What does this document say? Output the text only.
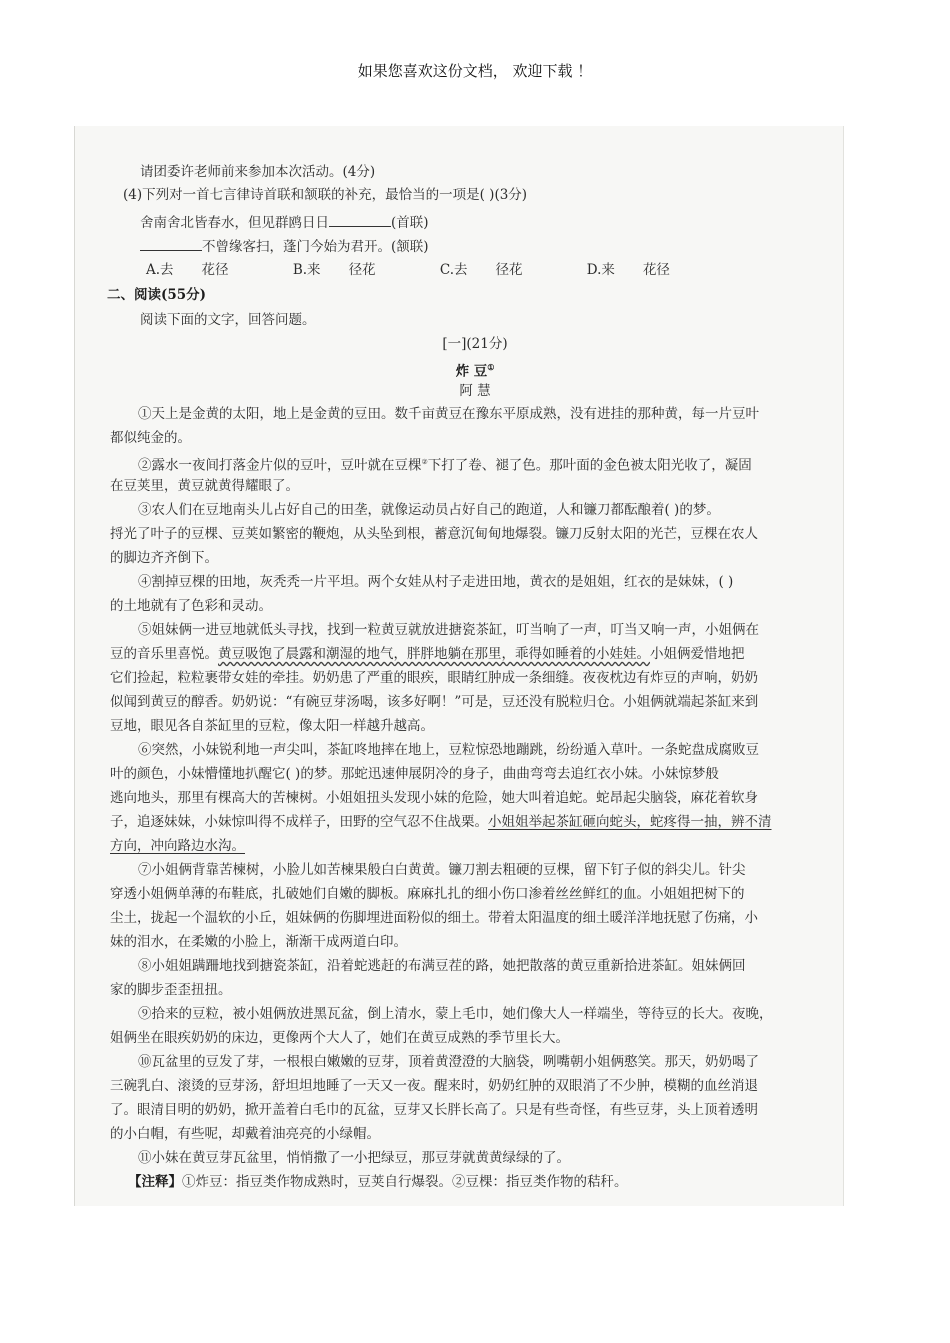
如果您喜欢这份文档， 欢迎下载 ！
请团委许老师前来参加本次活动。(4分)
(4)下列对一首七言律诗首联和颔联的补充，最恰当的一项是( )(3分)
舍南舍北皆春水，但见群鸥日日	(首联)
不曾缘客扫，蓬门今始为君开。(颔联)
A.去 花径	B.来 径花	C.去 径花	D.来 花径
二、阅读(55分)
阅读下面的文字，回答问题。
[一](21分)
炸 豆①
阿 慧
①天上是金黄的太阳，地上是金黄的豆田。数千亩黄豆在豫东平原成熟，没有进挂的那种黄，每一片豆叶
都似纯金的。
②露水一夜间打落金片似的豆叶，豆叶就在豆棵②下打了卷、褪了色。那叶面的金色被太阳光收了，凝固
在豆荚里，黄豆就黄得耀眼了。
③农人们在豆地南头儿占好自己的田垄，就像运动员占好自己的跑道，人和镰刀都酝酿着( )的梦。
捋光了叶子的豆棵、豆荚如繁密的鞭炮，从头坠到根，蓄意沉甸甸地爆裂。镰刀反射太阳的光芒，豆棵在农人
的脚边齐齐倒下。
④割掉豆棵的田地，灰秃秃一片平坦。两个女娃从村子走进田地，黄衣的是姐姐，红衣的是妹妹，( )
的土地就有了色彩和灵动。
⑤姐妹俩一进豆地就低头寻找，找到一粒黄豆就放进搪瓷茶缸，叮当响了一声，叮当又响一声，小姐俩在
豆的音乐里喜悦。黄豆吸饱了晨露和潮湿的地气，胖胖地躺在那里，乖得如睡着的小娃娃。小姐俩爱惜地把
它们捡起，粒粒裹带女娃的牵挂。奶奶患了严重的眼疾，眼睛红肿成一条细缝。夜夜枕边有炸豆的声响，奶奶
似闻到黄豆的醇香。奶奶说：“有碗豆芽汤喝，该多好啊！”可是，豆还没有脱粒归仓。小姐俩就端起茶缸来到
豆地，眼见各自茶缸里的豆粒，像太阳一样越升越高。
⑥突然，小妹锐利地一声尖叫，茶缸咚地摔在地上，豆粒惊恐地蹦跳，纷纷遁入草叶。一条蛇盘成腐败豆
叶的颜色，小妹懵懂地扒醒它( )的梦。那蛇迅速伸展阴冷的身子，曲曲弯弯去追红衣小妹。小妹惊梦般
逃向地头，那里有棵高大的苦楝树。小姐姐扭头发现小妹的危险，她大叫着追蛇。蛇昂起尖脑袋，麻花着软身
子，追逐妹妹，小妹惊叫得不成样子，田野的空气忍不住战栗。小姐姐举起茶缸砸向蛇头，蛇疼得一抽，辨不清
方向，冲向路边水沟。
⑦小姐俩背靠苦楝树，小脸儿如苦楝果般白白黄黄。镰刀割去粗硬的豆棵，留下钉子似的斜尖儿。针尖
穿透小姐俩单薄的布鞋底，扎破她们自嫩的脚板。麻麻扎扎的细小伤口渗着丝丝鲜红的血。小姐姐把树下的
尘土，拢起一个温软的小丘，姐妹俩的伤脚埋进面粉似的细土。带着太阳温度的细土暖洋洋地抚慰了伤痛，小
妹的泪水，在柔嫩的小脸上，渐渐干成两道白印。
⑧小姐姐蹒跚地找到搪瓷茶缸，沿着蛇逃赶的布满豆茬的路，她把散落的黄豆重新拾进茶缸。姐妹俩回
家的脚步歪歪扭扭。
⑨拾来的豆粒，被小姐俩放进黑瓦盆，倒上清水，蒙上毛巾，她们像大人一样端坐，等待豆的长大。夜晚，
姐俩坐在眼疾奶奶的床边，更像两个大人了，她们在黄豆成熟的季节里长大。
⑩瓦盆里的豆发了芽，一根根白嫩嫩的豆芽，顶着黄澄澄的大脑袋，咧嘴朝小姐俩憨笑。那天，奶奶喝了
三碗乳白、滚烫的豆芽汤，舒坦坦地睡了一天又一夜。醒来时，奶奶红肿的双眼消了不少肿，模糊的血丝消退
了。眼清目明的奶奶，掀开盖着白毛巾的瓦盆，豆芽又长胖长高了。只是有些奇怪，有些豆芽，头上顶着透明
的小白帽，有些呢，却戴着油亮亮的小绿帽。
⑪小妹在黄豆芽瓦盆里，悄悄撒了一小把绿豆，那豆芽就黄黄绿绿的了。
【注释】①炸豆：指豆类作物成熟时，豆荚自行爆裂。②豆棵：指豆类作物的秸秆。
